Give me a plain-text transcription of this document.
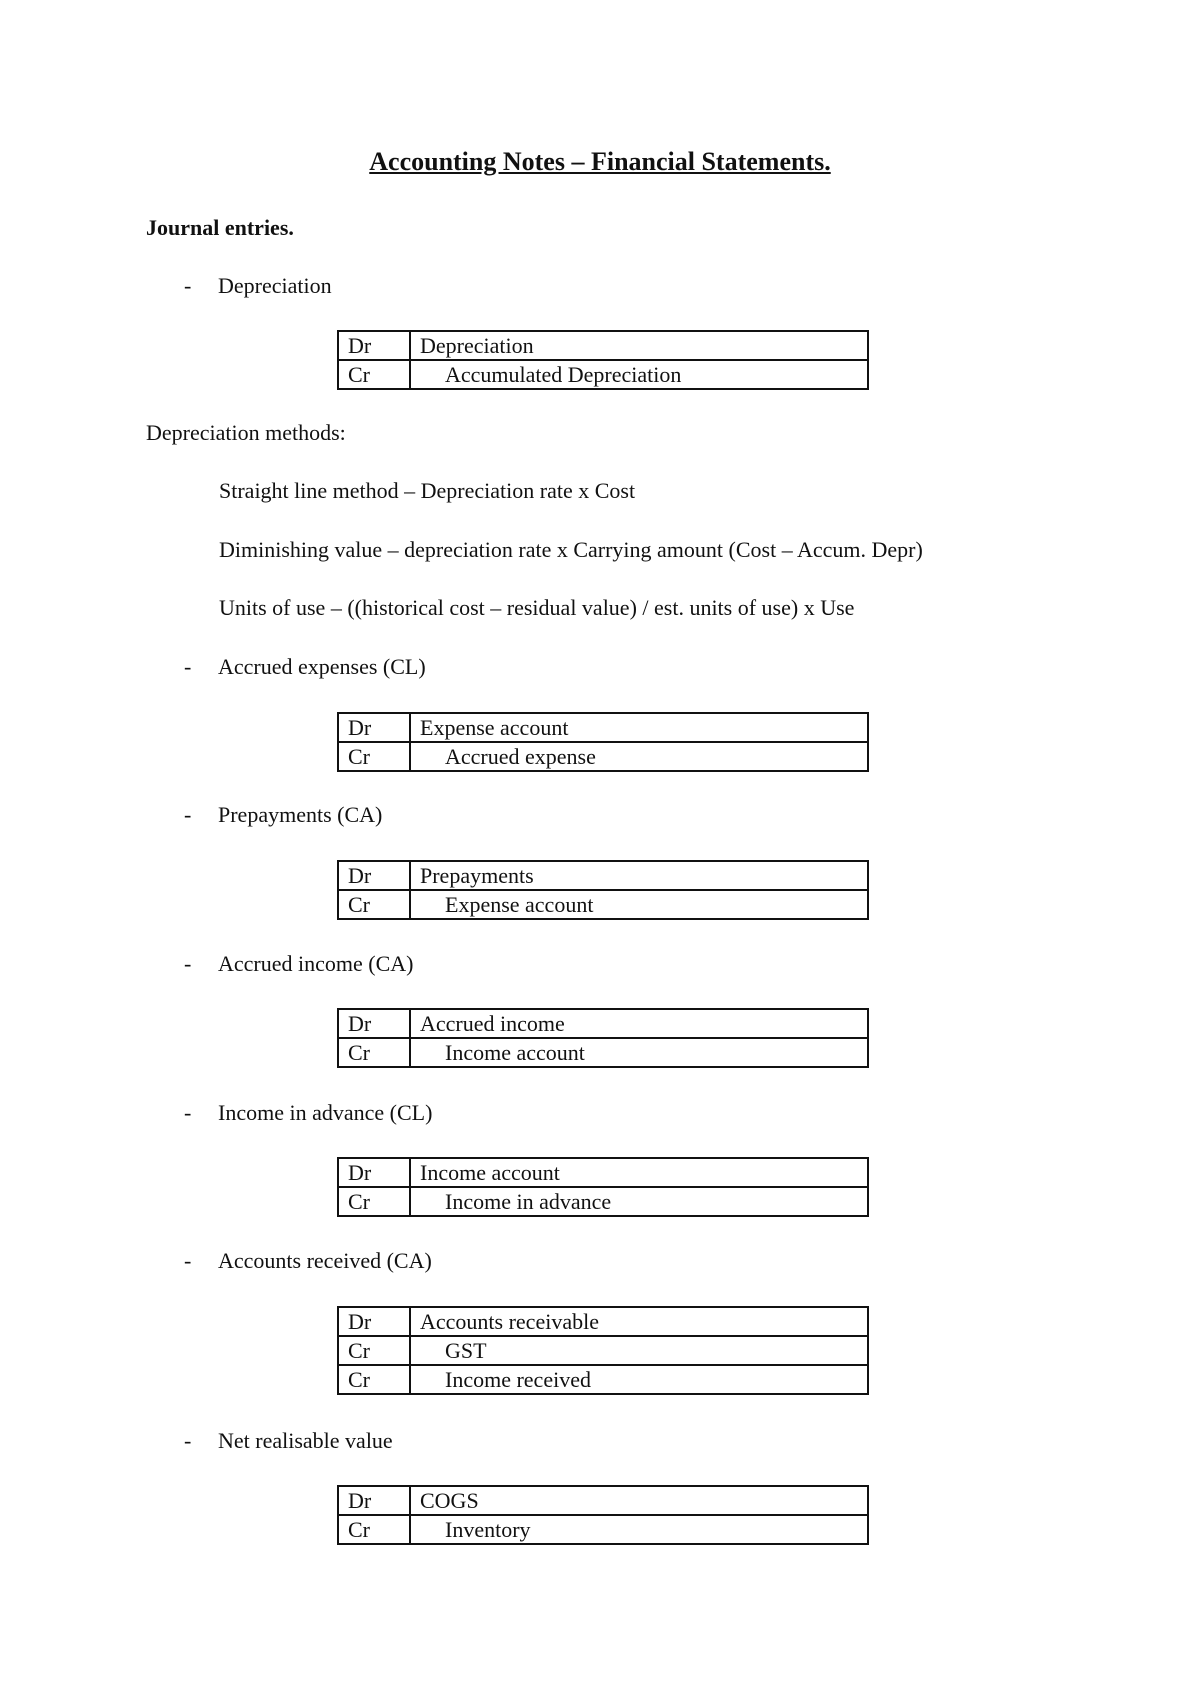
Accounting Notes – Financial Statements.
Journal entries.
- Depreciation
Dr	Depreciation
Cr	Accumulated Depreciation
Depreciation methods:
Straight line method – Depreciation rate x Cost
Diminishing value – depreciation rate x Carrying amount (Cost – Accum. Depr)
Units of use – ((historical cost – residual value) / est. units of use) x Use
- Accrued expenses (CL)
Dr	Expense account
Cr	Accrued expense
- Prepayments (CA)
Dr	Prepayments
Cr	Expense account
- Accrued income (CA)
Dr	Accrued income
Cr	Income account
- Income in advance (CL)
Dr	Income account
Cr	Income in advance
- Accounts received (CA)
Dr	Accounts receivable
Cr	GST
Cr	Income received
- Net realisable value
Dr	COGS
Cr	Inventory
